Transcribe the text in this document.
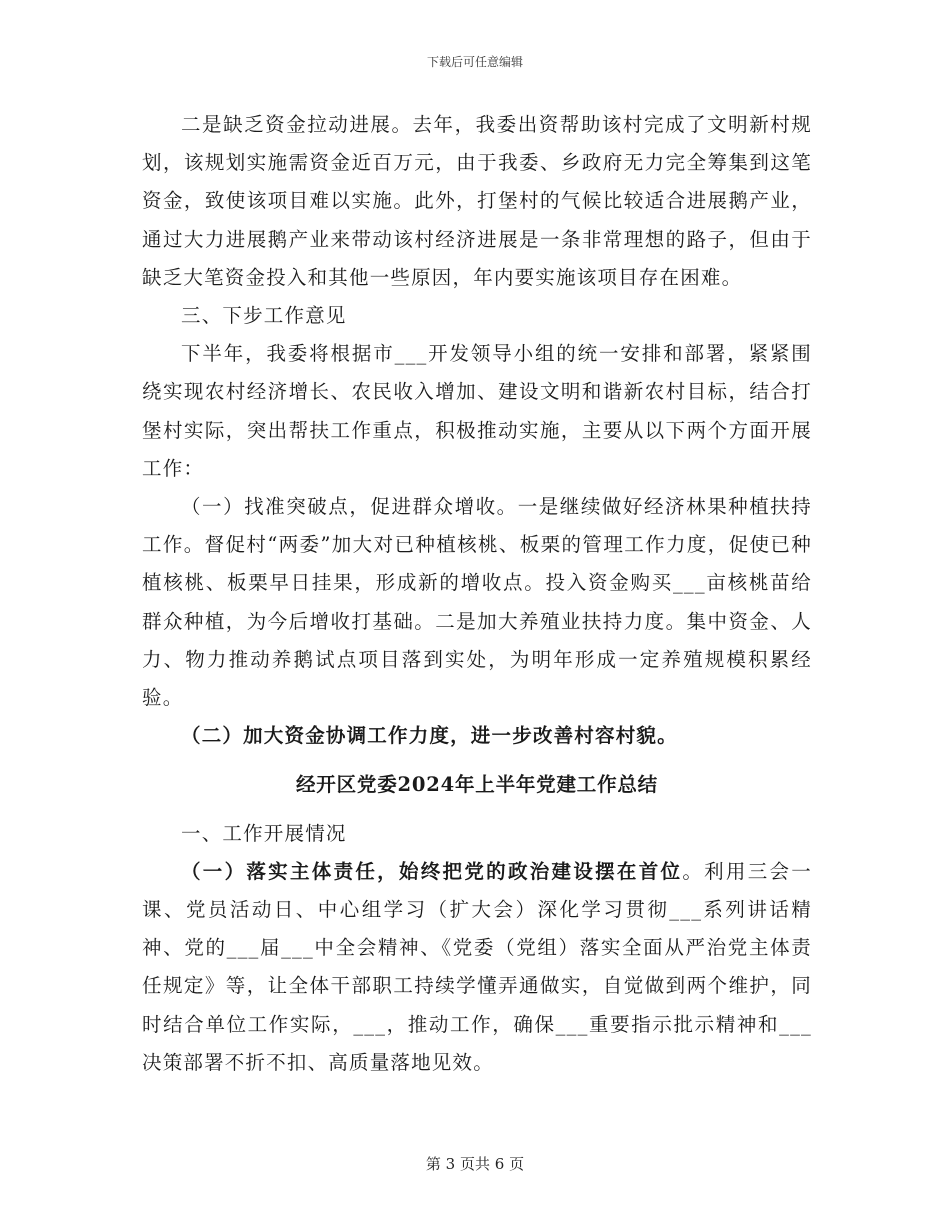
下载后可任意编辑

二是缺乏资金拉动进展。去年，我委出资帮助该村完成了文明新村规划，该规划实施需资金近百万元，由于我委、乡政府无力完全筹集到这笔资金，致使该项目难以实施。此外，打堡村的气候比较适合进展鹅产业，通过大力进展鹅产业来带动该村经济进展是一条非常理想的路子，但由于缺乏大笔资金投入和其他一些原因，年内要实施该项目存在困难。

三、下步工作意见

下半年，我委将根据市___开发领导小组的统一安排和部署，紧紧围绕实现农村经济增长、农民收入增加、建设文明和谐新农村目标，结合打堡村实际，突出帮扶工作重点，积极推动实施，主要从以下两个方面开展工作：

（一）找准突破点，促进群众增收。一是继续做好经济林果种植扶持工作。督促村“两委”加大对已种植核桃、板栗的管理工作力度，促使已种植核桃、板栗早日挂果，形成新的增收点。投入资金购买___亩核桃苗给群众种植，为今后增收打基础。二是加大养殖业扶持力度。集中资金、人力、物力推动养鹅试点项目落到实处，为明年形成一定养殖规模积累经验。

（二）加大资金协调工作力度，进一步改善村容村貌。

经开区党委2024年上半年党建工作总结

一、工作开展情况

（一）落实主体责任，始终把党的政治建设摆在首位。利用三会一课、党员活动日、中心组学习（扩大会）深化学习贯彻___系列讲话精神、党的___届___中全会精神、《党委（党组）落实全面从严治党主体责任规定》等，让全体干部职工持续学懂弄通做实，自觉做到两个维护，同时结合单位工作实际，___，推动工作，确保___重要指示批示精神和___决策部署不折不扣、高质量落地见效。

第 3 页共 6 页
